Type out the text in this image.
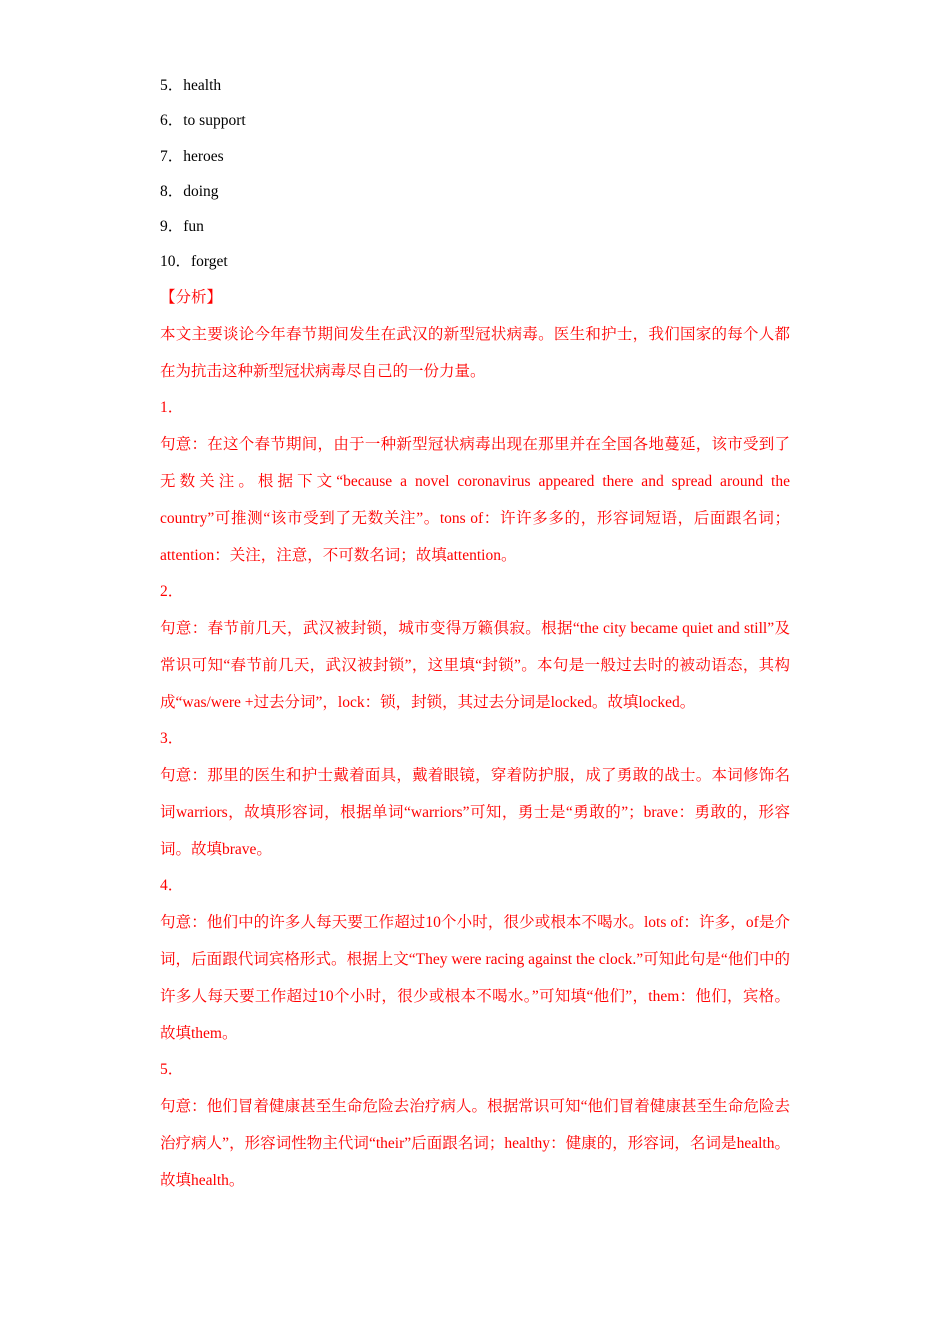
5．health
6．to support
7．heroes
8．doing
9．fun
10．forget
【分析】
本文主要谈论今年春节期间发生在武汉的新型冠状病毒。医生和护士，我们国家的每个人都在为抗击这种新型冠状病毒尽自己的一份力量。
1．
句意：在这个春节期间，由于一种新型冠状病毒出现在那里并在全国各地蔓延，该市受到了无数关注。根据下文“because a novel coronavirus appeared there and spread around the country”可推测“该市受到了无数关注”。tons of：许许多多的，形容词短语，后面跟名词；attention：关注，注意，不可数名词；故填attention。
2．
句意：春节前几天，武汉被封锁，城市变得万籁俱寂。根据“the city became quiet and still”及常识可知“春节前几天，武汉被封锁”，这里填“封锁”。本句是一般过去时的被动语态，其构成“was/were +过去分词”，lock：锁，封锁，其过去分词是locked。故填locked。
3．
句意：那里的医生和护士戴着面具，戴着眼镜，穿着防护服，成了勇敢的战士。本词修饰名词warriors，故填形容词，根据单词“warriors”可知，勇士是“勇敢的”；brave：勇敢的，形容词。故填brave。
4．
句意：他们中的许多人每天要工作超过10个小时，很少或根本不喝水。lots of：许多，of是介词，后面跟代词宾格形式。根据上文“They were racing against the clock.”可知此句是“他们中的许多人每天要工作超过10个小时，很少或根本不喝水。”可知填“他们”，them：他们，宾格。故填them。
5．
句意：他们冒着健康甚至生命危险去治疗病人。根据常识可知“他们冒着健康甚至生命危险去治疗病人”，形容词性物主代词“their”后面跟名词；healthy：健康的，形容词，名词是health。故填health。
